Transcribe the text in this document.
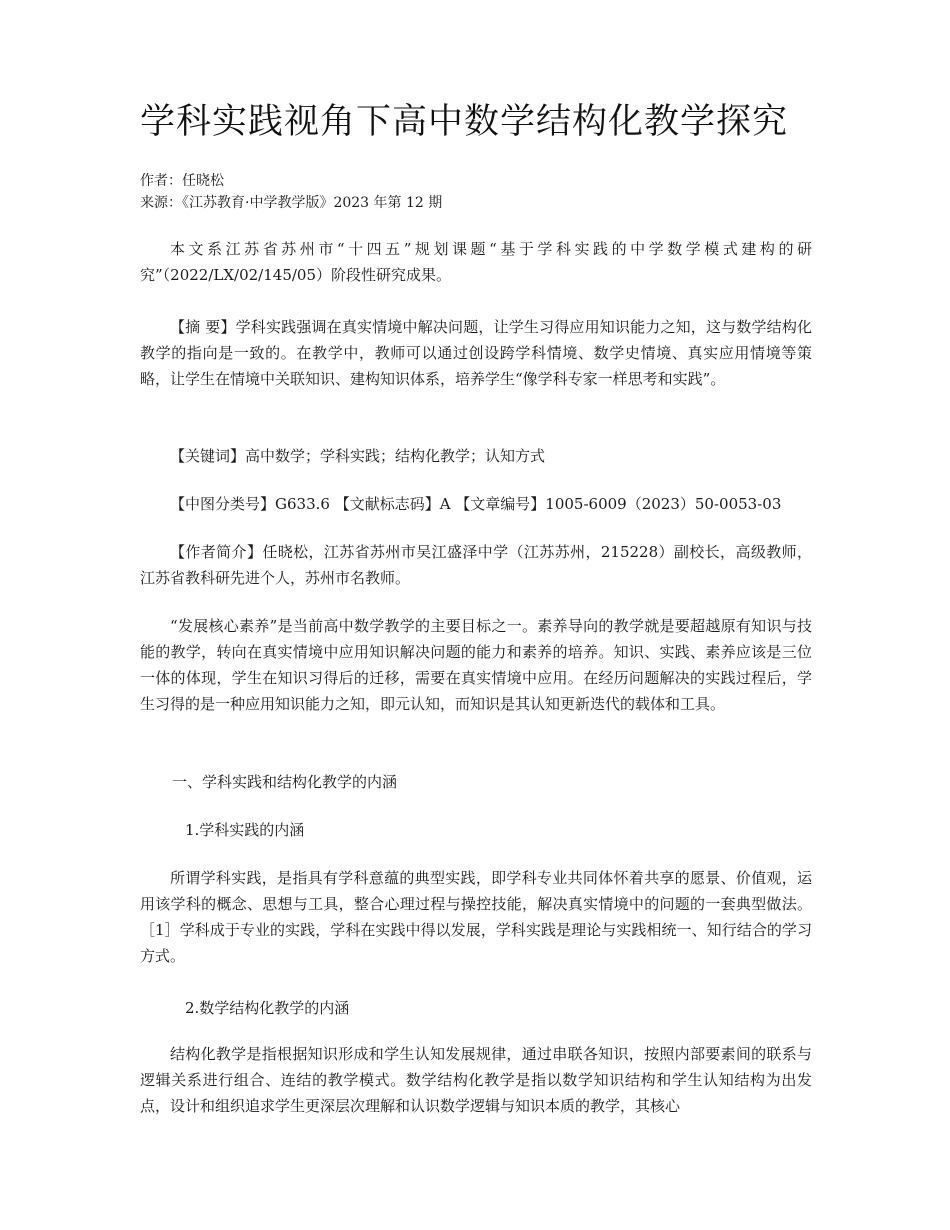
学科实践视角下高中数学结构化教学探究
作者：任晓松
来源：《江苏教育·中学教学版》2023 年第 12 期

本文系江苏省苏州市“十四五”规划课题“基于学科实践的中学数学模式建构的研究”（2022/LX/02/145/05）阶段性研究成果。

【摘 要】学科实践强调在真实情境中解决问题，让学生习得应用知识能力之知，这与数学结构化教学的指向是一致的。在教学中，教师可以通过创设跨学科情境、数学史情境、真实应用情境等策略，让学生在情境中关联知识、建构知识体系，培养学生“像学科专家一样思考和实践”。

【关键词】高中数学；学科实践；结构化教学；认知方式

【中图分类号】G633.6 【文献标志码】A 【文章编号】1005-6009（2023）50-0053-03

【作者简介】任晓松，江苏省苏州市吴江盛泽中学（江苏苏州，215228）副校长，高级教师，江苏省教科研先进个人，苏州市名教师。

“发展核心素养”是当前高中数学教学的主要目标之一。素养导向的教学就是要超越原有知识与技能的教学，转向在真实情境中应用知识解决问题的能力和素养的培养。知识、实践、素养应该是三位一体的体现，学生在知识习得后的迁移，需要在真实情境中应用。在经历问题解决的实践过程后，学生习得的是一种应用知识能力之知，即元认知，而知识是其认知更新迭代的载体和工具。

一、学科实践和结构化教学的内涵
1.学科实践的内涵

所谓学科实践，是指具有学科意蕴的典型实践，即学科专业共同体怀着共享的愿景、价值观，运用该学科的概念、思想与工具，整合心理过程与操控技能，解决真实情境中的问题的一套典型做法。［1］学科成于专业的实践，学科在实践中得以发展，学科实践是理论与实践相统一、知行结合的学习方式。

2.数学结构化教学的内涵

结构化教学是指根据知识形成和学生认知发展规律，通过串联各知识，按照内部要素间的联系与逻辑关系进行组合、连结的教学模式。数学结构化教学是指以数学知识结构和学生认知结构为出发点，设计和组织追求学生更深层次理解和认识数学逻辑与知识本质的教学，其核心
